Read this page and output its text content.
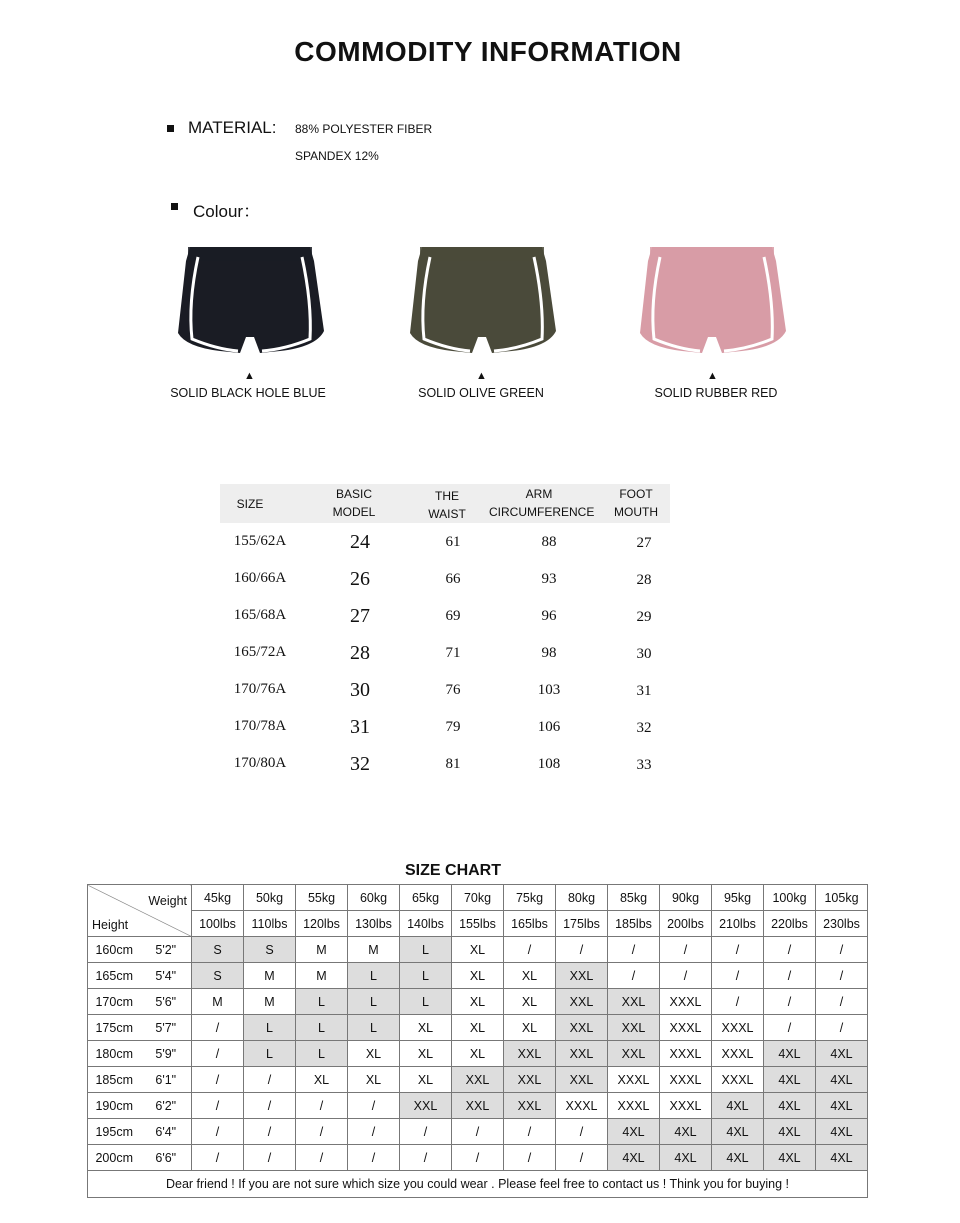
COMMODITY INFORMATION
MATERIAL: 88% POLYESTER FIBER
SPANDEX 12%
Colour：
▲
SOLID BLACK HOLE BLUE
▲
SOLID OLIVE GREEN
▲
SOLID RUBBER RED
SIZE
BASIC
MODEL
THE
WAIST
ARM
CIRCUMFERENCE
FOOT
MOUTH
155/62A	24	61	88	27
160/66A	26	66	93	28
165/68A	27	69	96	29
165/72A	28	71	98	30
170/76A	30	76	103	31
170/78A	31	79	106	32
170/80A	32	81	108	33
SIZE CHART
Weight
Height		45kg	50kg	55kg	60kg	65kg	70kg	75kg	80kg	85kg	90kg	95kg	100kg	105kg
		100lbs	110lbs	120lbs	130lbs	140lbs	155lbs	165lbs	175lbs	185lbs	200lbs	210lbs	220lbs	230lbs
160cm	5'2"	S	S	M	M	L	XL	/	/	/	/	/	/	/
165cm	5'4"	S	M	M	L	L	XL	XL	XXL	/	/	/	/	/
170cm	5'6"	M	M	L	L	L	XL	XL	XXL	XXL	XXXL	/	/	/
175cm	5'7"	/	L	L	L	XL	XL	XL	XXL	XXL	XXXL	XXXL	/	/
180cm	5'9"	/	L	L	XL	XL	XL	XXL	XXL	XXL	XXXL	XXXL	4XL	4XL
185cm	6'1"	/	/	XL	XL	XL	XXL	XXL	XXL	XXXL	XXXL	XXXL	4XL	4XL
190cm	6'2"	/	/	/	/	XXL	XXL	XXL	XXXL	XXXL	XXXL	4XL	4XL	4XL
195cm	6'4"	/	/	/	/	/	/	/	/	4XL	4XL	4XL	4XL	4XL
200cm	6'6"	/	/	/	/	/	/	/	/	4XL	4XL	4XL	4XL	4XL
Dear friend ! If you are not sure which size you could wear . Please feel free to contact us ! Think you for buying !														
